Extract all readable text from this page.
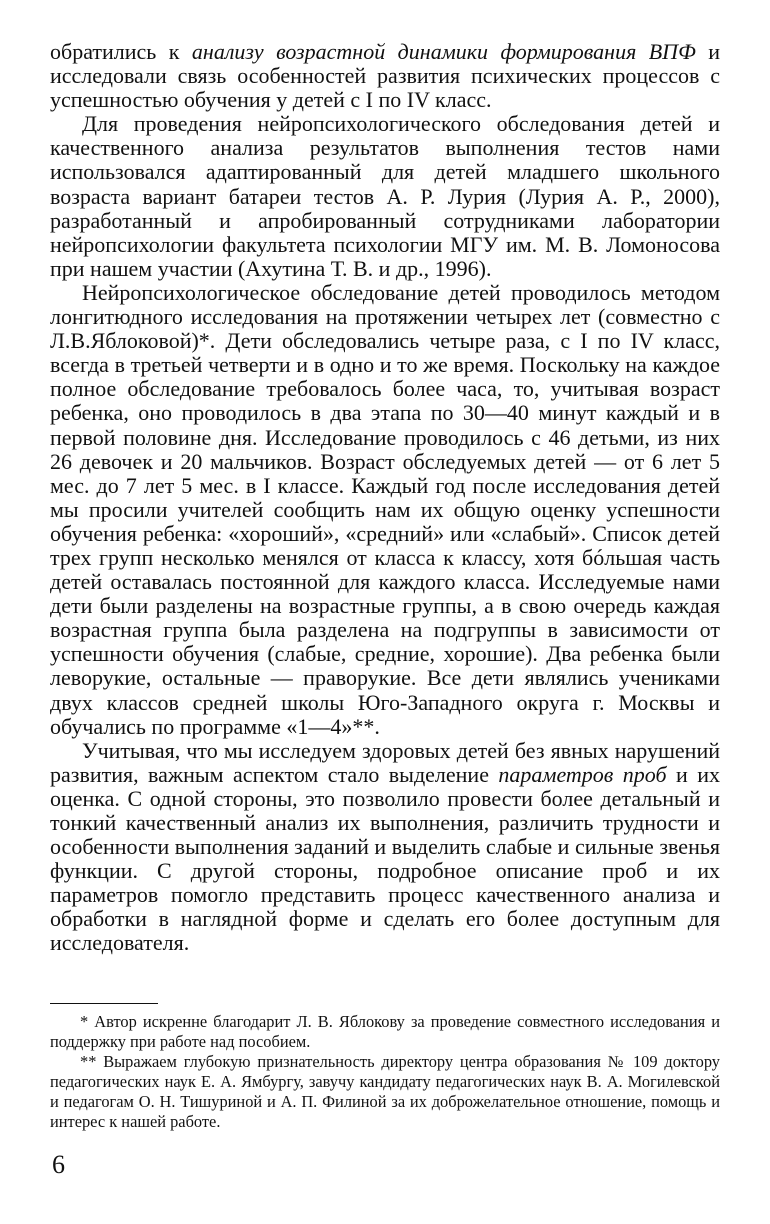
обратились к анализу возрастной динамики формирования ВПФ и исследовали связь особенностей развития психических процессов с успешностью обучения у детей с I по IV класс.

Для проведения нейропсихологического обследования детей и качественного анализа результатов выполнения тестов нами использовался адаптированный для детей младшего школьного возраста вариант батареи тестов А. Р. Лурия (Лурия А. Р., 2000), разработанный и апробированный сотрудниками лаборатории нейропсихологии факультета психологии МГУ им. М. В. Ломоносова при нашем участии (Ахутина Т. В. и др., 1996).

Нейропсихологическое обследование детей проводилось методом лонгитюдного исследования на протяжении четырех лет (совместно с Л.В.Яблоковой)*. Дети обследовались четыре раза, с I по IV класс, всегда в третьей четверти и в одно и то же время. Поскольку на каждое полное обследование требовалось более часа, то, учитывая возраст ребенка, оно проводилось в два этапа по 30—40 минут каждый и в первой половине дня. Исследование проводилось с 46 детьми, из них 26 девочек и 20 мальчиков. Возраст обследуемых детей — от 6 лет 5 мес. до 7 лет 5 мес. в I классе. Каждый год после исследования детей мы просили учителей сообщить нам их общую оценку успешности обучения ребенка: «хороший», «средний» или «слабый». Список детей трех групп несколько менялся от класса к классу, хотя бóльшая часть детей оставалась постоянной для каждого класса. Исследуемые нами дети были разделены на возрастные группы, а в свою очередь каждая возрастная группа была разделена на подгруппы в зависимости от успешности обучения (слабые, средние, хорошие). Два ребенка были леворукие, остальные — праворукие. Все дети являлись учениками двух классов средней школы Юго-Западного округа г. Москвы и обучались по программе «1—4»**.

Учитывая, что мы исследуем здоровых детей без явных нарушений развития, важным аспектом стало выделение параметров проб и их оценка. С одной стороны, это позволило провести более детальный и тонкий качественный анализ их выполнения, различить трудности и особенности выполнения заданий и выделить слабые и сильные звенья функции. С другой стороны, подробное описание проб и их параметров помогло представить процесс качественного анализа и обработки в наглядной форме и сделать его более доступным для исследователя.

* Автор искренне благодарит Л. В. Яблокову за проведение совместного исследования и поддержку при работе над пособием.

** Выражаем глубокую признательность директору центра образования № 109 доктору педагогических наук Е. А. Ямбургу, завучу кандидату педагогических наук В. А. Могилевской и педагогам О. Н. Тишуриной и А. П. Филиной за их доброжелательное отношение, помощь и интерес к нашей работе.

6
